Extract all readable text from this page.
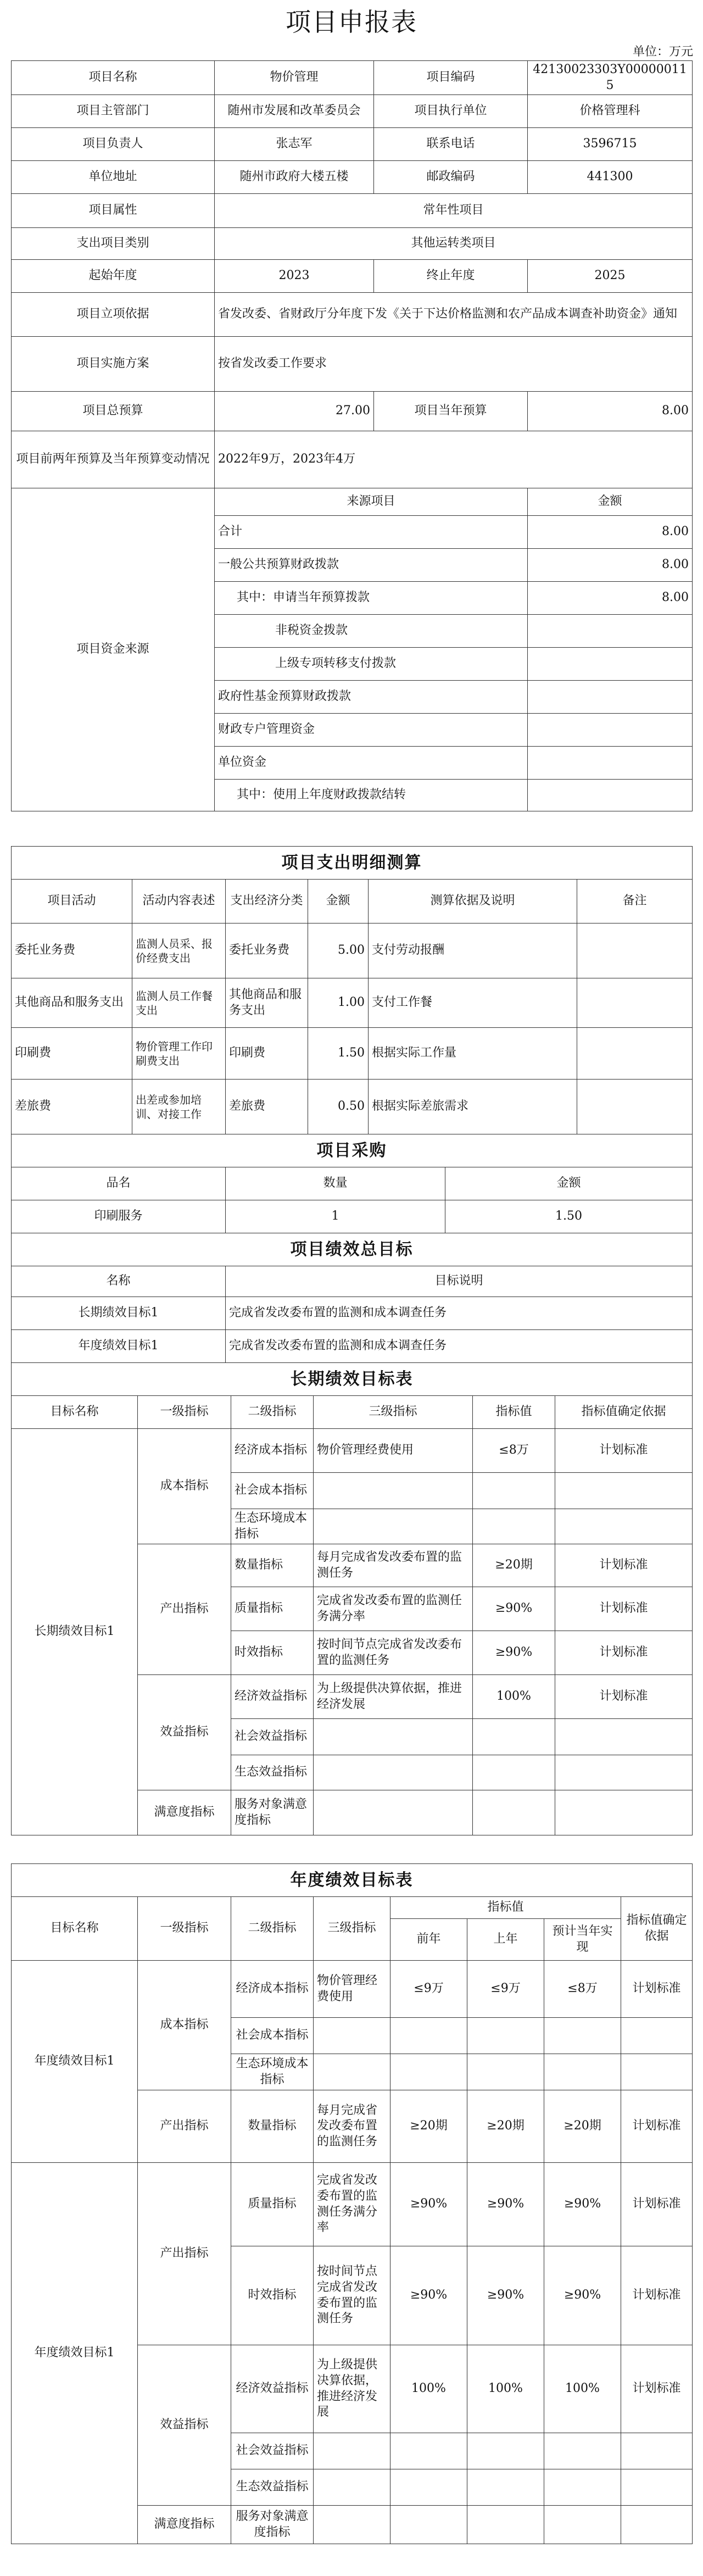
项目申报表
单位：万元
项目名称	物价管理	项目编码	42130023303Y000000115
项目主管部门	随州市发展和改革委员会	项目执行单位	价格管理科
项目负责人	张志军	联系电话	3596715
单位地址	随州市政府大楼五楼	邮政编码	441300
项目属性	常年性项目		
支出项目类别	其他运转类项目		
起始年度	2023	终止年度	2025
项目立项依据	省发改委、省财政厅分年度下发《关于下达价格监测和农产品成本调查补助资金》通知		
项目实施方案	按省发改委工作要求		
项目总预算	27.00	项目当年预算	8.00
项目前两年预算及当年预算变动情况	2022年9万，2023年4万		
项目资金来源	来源项目		金额
	合计		8.00
	一般公共预算财政拨款		8.00
	其中：申请当年预算拨款		8.00
	非税资金拨款		
	上级专项转移支付拨款		
	政府性基金预算财政拨款		
	财政专户管理资金		
	单位资金		
	其中：使用上年度财政拨款结转		
项目支出明细测算					
项目活动	活动内容表述	支出经济分类	金额	测算依据及说明	备注
委托业务费	监测人员采、报价经费支出	委托业务费	5.00	支付劳动报酬	
其他商品和服务支出	监测人员工作餐支出	其他商品和服务支出	1.00	支付工作餐	
印刷费	物价管理工作印刷费支出	印刷费	1.50	根据实际工作量	
差旅费	出差或参加培训、对接工作	差旅费	0.50	根据实际差旅需求	
项目采购		
品名	数量	金额
印刷服务	1	1.50
项目绩效总目标	
名称	目标说明
长期绩效目标1	完成省发改委布置的监测和成本调查任务
年度绩效目标1	完成省发改委布置的监测和成本调查任务
长期绩效目标表					
目标名称	一级指标	二级指标	三级指标	指标值	指标值确定依据
长期绩效目标1	成本指标	经济成本指标	物价管理经费使用	≤8万	计划标准
		社会成本指标			
		生态环境成本指标			
	产出指标	数量指标	每月完成省发改委布置的监测任务	≥20期	计划标准
		质量指标	完成省发改委布置的监测任务满分率	≥90%	计划标准
		时效指标	按时间节点完成省发改委布置的监测任务	≥90%	计划标准
	效益指标	经济效益指标	为上级提供决算依据，推进经济发展	100%	计划标准
		社会效益指标			
		生态效益指标			
	满意度指标	服务对象满意度指标			
年度绩效目标表							
目标名称	一级指标	二级指标	三级指标	指标值			指标值确定依据
				前年	上年	预计当年实现	
年度绩效目标1	成本指标	经济成本指标	物价管理经费使用	≤9万	≤9万	≤8万	计划标准
		社会成本指标					
		生态环境成本指标					
	产出指标	数量指标	每月完成省发改委布置的监测任务	≥20期	≥20期	≥20期	计划标准
年度绩效目标1	产出指标	质量指标	完成省发改委布置的监测任务满分率	≥90%	≥90%	≥90%	计划标准
		时效指标	按时间节点完成省发改委布置的监测任务	≥90%	≥90%	≥90%	计划标准
	效益指标	经济效益指标	为上级提供决算依据，推进经济发展	100%	100%	100%	计划标准
		社会效益指标					
		生态效益指标					
	满意度指标	服务对象满意度指标					
